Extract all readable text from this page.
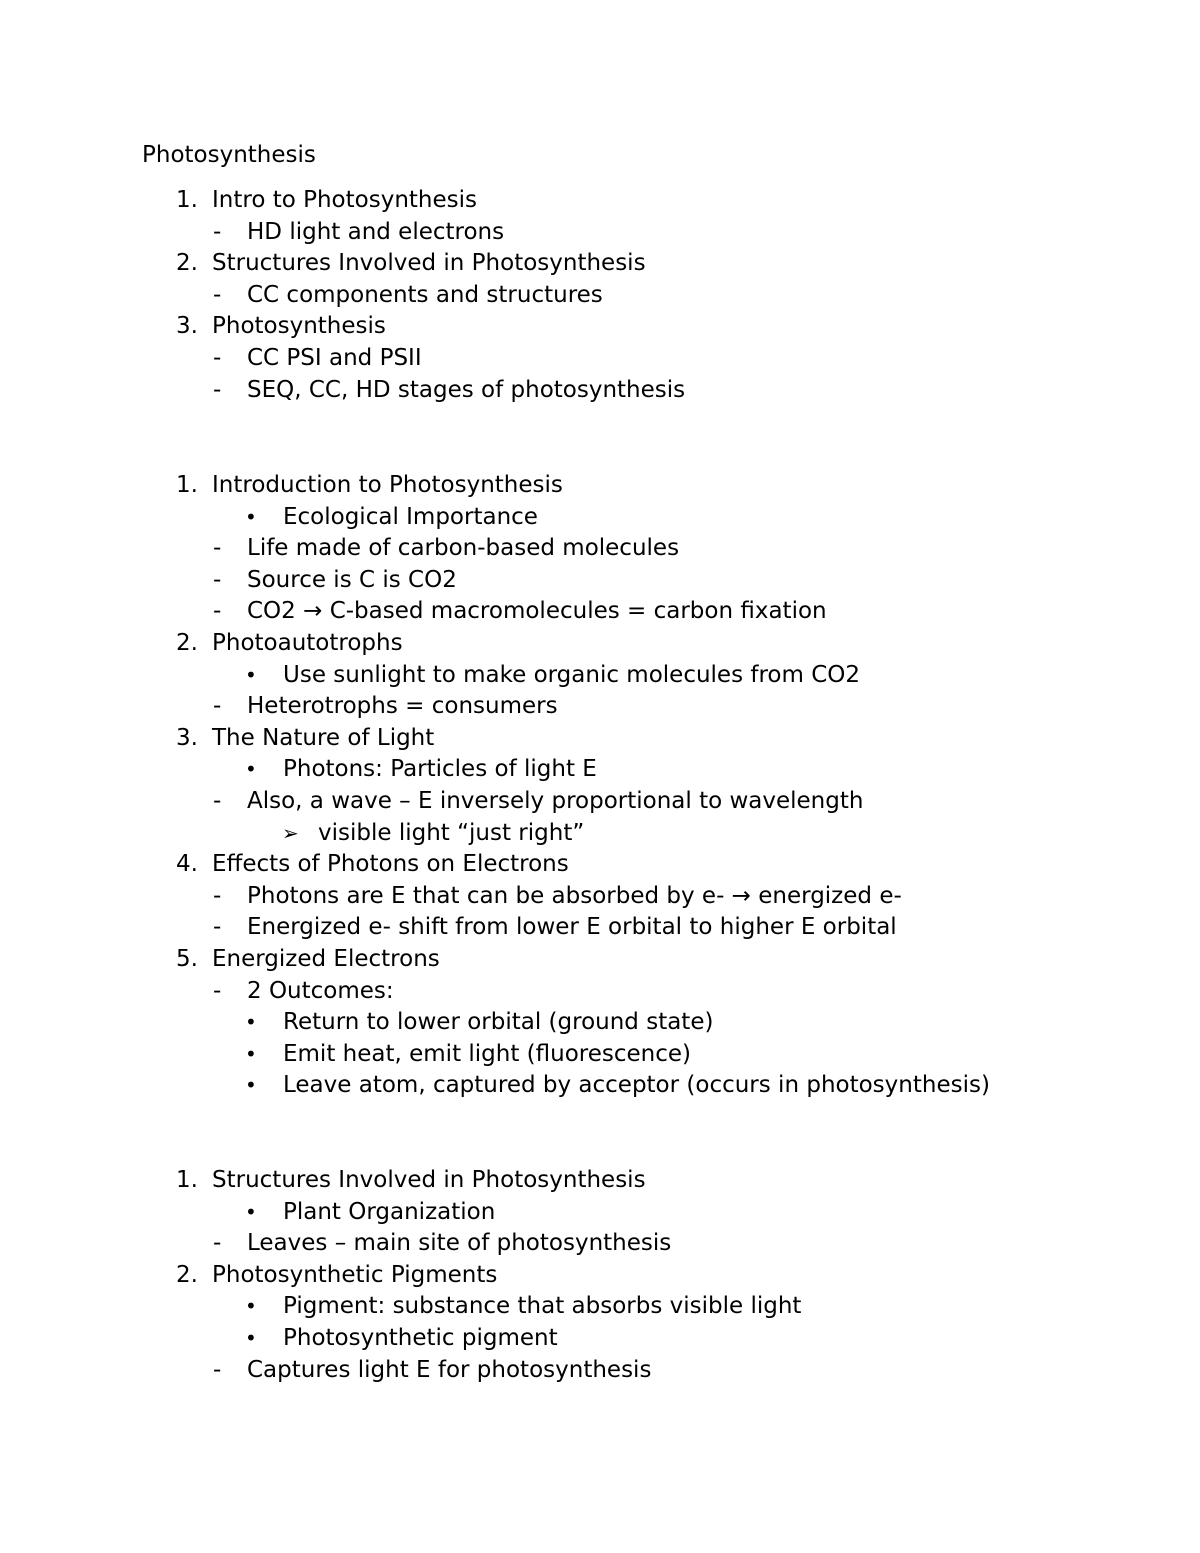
Photosynthesis
1. Intro to Photosynthesis
- HD light and electrons
2. Structures Involved in Photosynthesis
- CC components and structures
3. Photosynthesis
- CC PSI and PSII
- SEQ, CC, HD stages of photosynthesis
1. Introduction to Photosynthesis
• Ecological Importance
- Life made of carbon-based molecules
- Source is C is CO2
- CO2 → C-based macromolecules = carbon fixation
2. Photoautotrophs
• Use sunlight to make organic molecules from CO2
- Heterotrophs = consumers
3. The Nature of Light
• Photons: Particles of light E
- Also, a wave – E inversely proportional to wavelength
➢ visible light “just right”
4. Effects of Photons on Electrons
- Photons are E that can be absorbed by e- → energized e-
- Energized e- shift from lower E orbital to higher E orbital
5. Energized Electrons
- 2 Outcomes:
• Return to lower orbital (ground state)
• Emit heat, emit light (fluorescence)
• Leave atom, captured by acceptor (occurs in photosynthesis)
1. Structures Involved in Photosynthesis
• Plant Organization
- Leaves – main site of photosynthesis
2. Photosynthetic Pigments
• Pigment: substance that absorbs visible light
• Photosynthetic pigment
- Captures light E for photosynthesis
